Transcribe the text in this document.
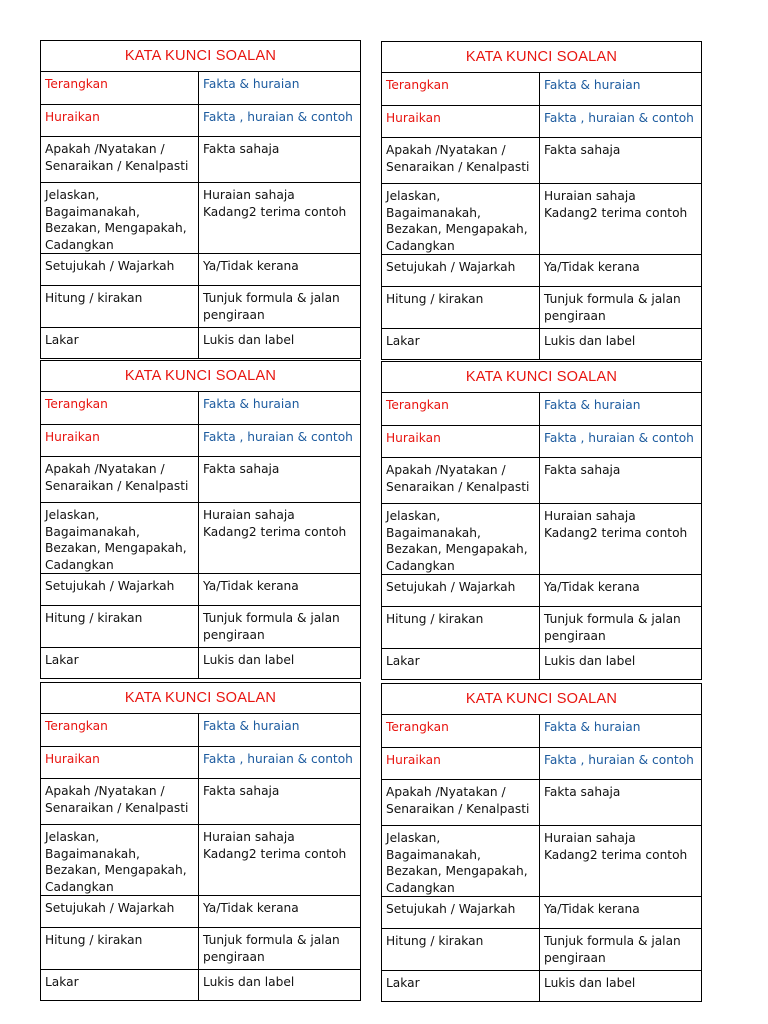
KATA KUNCI SOALAN	
Terangkan	Fakta & huraian
Huraikan	Fakta , huraian & contoh
Apakah /Nyatakan /
Senaraikan / Kenalpasti	Fakta sahaja
Jelaskan, Bagaimanakah,
Bezakan, Mengapakah,
Cadangkan	Huraian sahaja
Kadang2 terima contoh
Setujukah / Wajarkah	Ya/Tidak kerana
Hitung / kirakan	Tunjuk formula & jalan
pengiraan
Lakar	Lukis dan label
KATA KUNCI SOALAN	
Terangkan	Fakta & huraian
Huraikan	Fakta , huraian & contoh
Apakah /Nyatakan /
Senaraikan / Kenalpasti	Fakta sahaja
Jelaskan, Bagaimanakah,
Bezakan, Mengapakah,
Cadangkan	Huraian sahaja
Kadang2 terima contoh
Setujukah / Wajarkah	Ya/Tidak kerana
Hitung / kirakan	Tunjuk formula & jalan
pengiraan
Lakar	Lukis dan label
KATA KUNCI SOALAN	
Terangkan	Fakta & huraian
Huraikan	Fakta , huraian & contoh
Apakah /Nyatakan /
Senaraikan / Kenalpasti	Fakta sahaja
Jelaskan, Bagaimanakah,
Bezakan, Mengapakah,
Cadangkan	Huraian sahaja
Kadang2 terima contoh
Setujukah / Wajarkah	Ya/Tidak kerana
Hitung / kirakan	Tunjuk formula & jalan
pengiraan
Lakar	Lukis dan label
KATA KUNCI SOALAN	
Terangkan	Fakta & huraian
Huraikan	Fakta , huraian & contoh
Apakah /Nyatakan /
Senaraikan / Kenalpasti	Fakta sahaja
Jelaskan, Bagaimanakah,
Bezakan, Mengapakah,
Cadangkan	Huraian sahaja
Kadang2 terima contoh
Setujukah / Wajarkah	Ya/Tidak kerana
Hitung / kirakan	Tunjuk formula & jalan
pengiraan
Lakar	Lukis dan label
KATA KUNCI SOALAN	
Terangkan	Fakta & huraian
Huraikan	Fakta , huraian & contoh
Apakah /Nyatakan /
Senaraikan / Kenalpasti	Fakta sahaja
Jelaskan, Bagaimanakah,
Bezakan, Mengapakah,
Cadangkan	Huraian sahaja
Kadang2 terima contoh
Setujukah / Wajarkah	Ya/Tidak kerana
Hitung / kirakan	Tunjuk formula & jalan
pengiraan
Lakar	Lukis dan label
KATA KUNCI SOALAN	
Terangkan	Fakta & huraian
Huraikan	Fakta , huraian & contoh
Apakah /Nyatakan /
Senaraikan / Kenalpasti	Fakta sahaja
Jelaskan, Bagaimanakah,
Bezakan, Mengapakah,
Cadangkan	Huraian sahaja
Kadang2 terima contoh
Setujukah / Wajarkah	Ya/Tidak kerana
Hitung / kirakan	Tunjuk formula & jalan
pengiraan
Lakar	Lukis dan label
